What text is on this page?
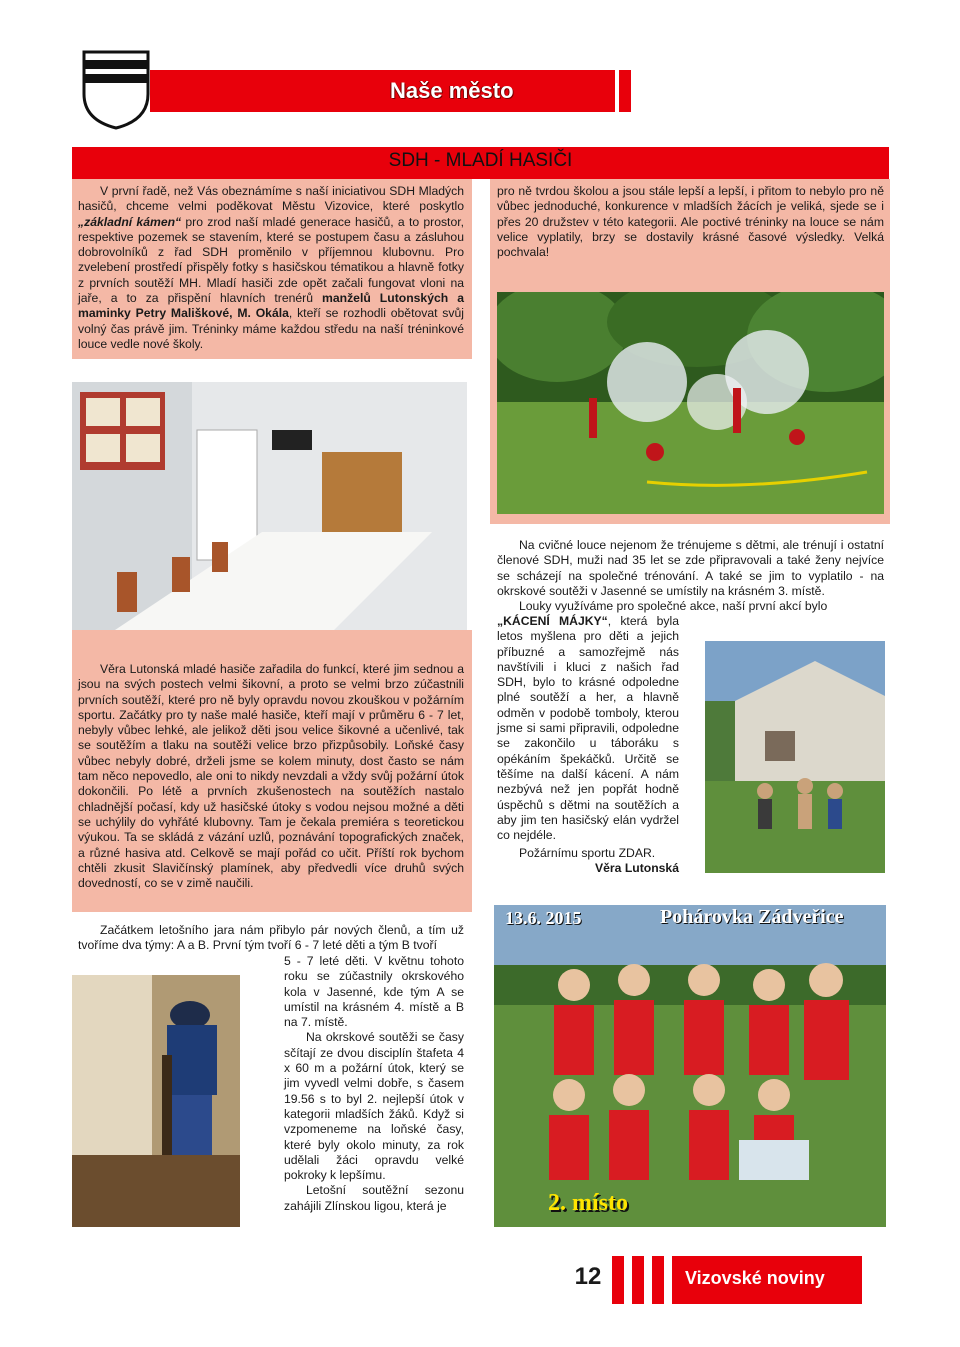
Naše město
SDH - MLADÍ HASIČI
V první řadě, než Vás obeznámíme s naší iniciativou SDH Mladých hasičů, chceme velmi poděkovat Městu Vizovice, které poskytlo „základní kámen“ pro zrod naší mladé generace hasičů, a to prostor, respektive pozemek se stavením, které se postupem času a zásluhou dobrovolníků z řad SDH proměnilo v příjemnou klubovnu. Pro zvelebení prostředí přispěly fotky s hasičskou tématikou a hlavně fotky z prvních soutěží MH. Mladí hasiči zde opět začali fungovat vloni na jaře, a to za přispění hlavních trenérů manželů Lutonských a maminky Petry Mališkové, M. Okála, kteří se rozhodli obětovat svůj volný čas právě jim. Tréninky máme každou středu na naší tréninkové louce vedle nové školy.
pro ně tvrdou školou a jsou stále lepší a lepší, i přitom to nebylo pro ně vůbec jednoduché, konkurence v mladších žácích je veliká, sjede se i přes 20 družstev v této kategorii. Ale poctivé tréninky na louce se nám velice vyplatily, brzy se dostavily krásné časové výsledky. Velká pochvala!
Věra Lutonská mladé hasiče zařadila do funkcí, které jim sednou a jsou na svých postech velmi šikovní, a proto se velmi brzo zúčastnili prvních soutěží, které pro ně byly opravdu novou zkouškou v požárním sportu. Začátky pro ty naše malé hasiče, kteří mají v průměru 6 - 7 let, nebyly vůbec lehké, ale jelikož děti jsou velice šikovné a učenlivé, tak se soutěžím a tlaku na soutěži velice brzo přizpůsobily. Loňské časy vůbec nebyly dobré, drželi jsme se kolem minuty, dost často se nám tam něco nepovedlo, ale oni to nikdy nevzdali a vždy svůj požární útok dokončili. Po létě a prvních zkušenostech na soutěžích nastalo chladnější počasí, kdy už hasičské útoky s vodou nejsou možné a děti se uchýlily do vyhřáté klubovny. Tam je čekala premiéra s teoretickou výukou. Ta se skládá z vázání uzlů, poznávání topografických značek, a různé hasiva atd. Celkově se mají pořád co učit. Příští rok bychom chtěli zkusit Slavičínský plamínek, aby předvedli více druhů svých dovedností, co se v zimě naučili.
Začátkem letošního jara nám přibylo pár nových členů, a tím už tvoříme dva týmy: A a B. První tým tvoří 6 - 7 leté děti a tým B tvoří

5 - 7 leté děti. V květnu tohoto roku se zúčastnily okrskového kola v Jasenné, kde tým A se umístil na krásném 4. místě a B na 7. místě.

Na okrskové soutěži se časy sčítají ze dvou disciplín štafeta 4 x 60 m a požární útok, který se jim vyvedl velmi dobře, s časem 19.56 s to byl 2. nejlepší útok v kategorii mladších žáků. Když si vzpomeneme na loňské časy, které byly okolo minuty, za rok udělali žáci opravdu velké pokroky k lepšímu.

Letošní soutěžní sezonu zahájili Zlínskou ligou, která je

Na cvičné louce nejenom že trénujeme s dětmi, ale trénují i ostatní členové SDH, muži nad 35 let se zde připravovali a také ženy nejvíce se scházejí na společné trénování. A také se jim to vyplatilo - na okrskové soutěži v Jasenné se umístily na krásném 3. místě.

Louky využíváme pro společné akce, naší první akcí bylo

„KÁCENÍ MÁJKY“, která byla letos myšlena pro děti a jejich příbuzné a samozřejmě nás navštívili i kluci z našich řad SDH, bylo to krásné odpoledne plné soutěží a her, a hlavně odměn v podobě tomboly, kterou jsme si sami připravili, odpoledne se zakončilo u táboráku s opékáním špekáčků. Určitě se těšíme na další kácení. A nám nezbývá než jen popřát hodně úspěchů s dětmi na soutěžích a aby jim ten hasičský elán vydržel co nejdéle.
Požárnímu sportu ZDAR.
Věra Lutonská
13.6. 2015	Pohárovka Zádveřice
2. místo
12	Vizovské noviny
